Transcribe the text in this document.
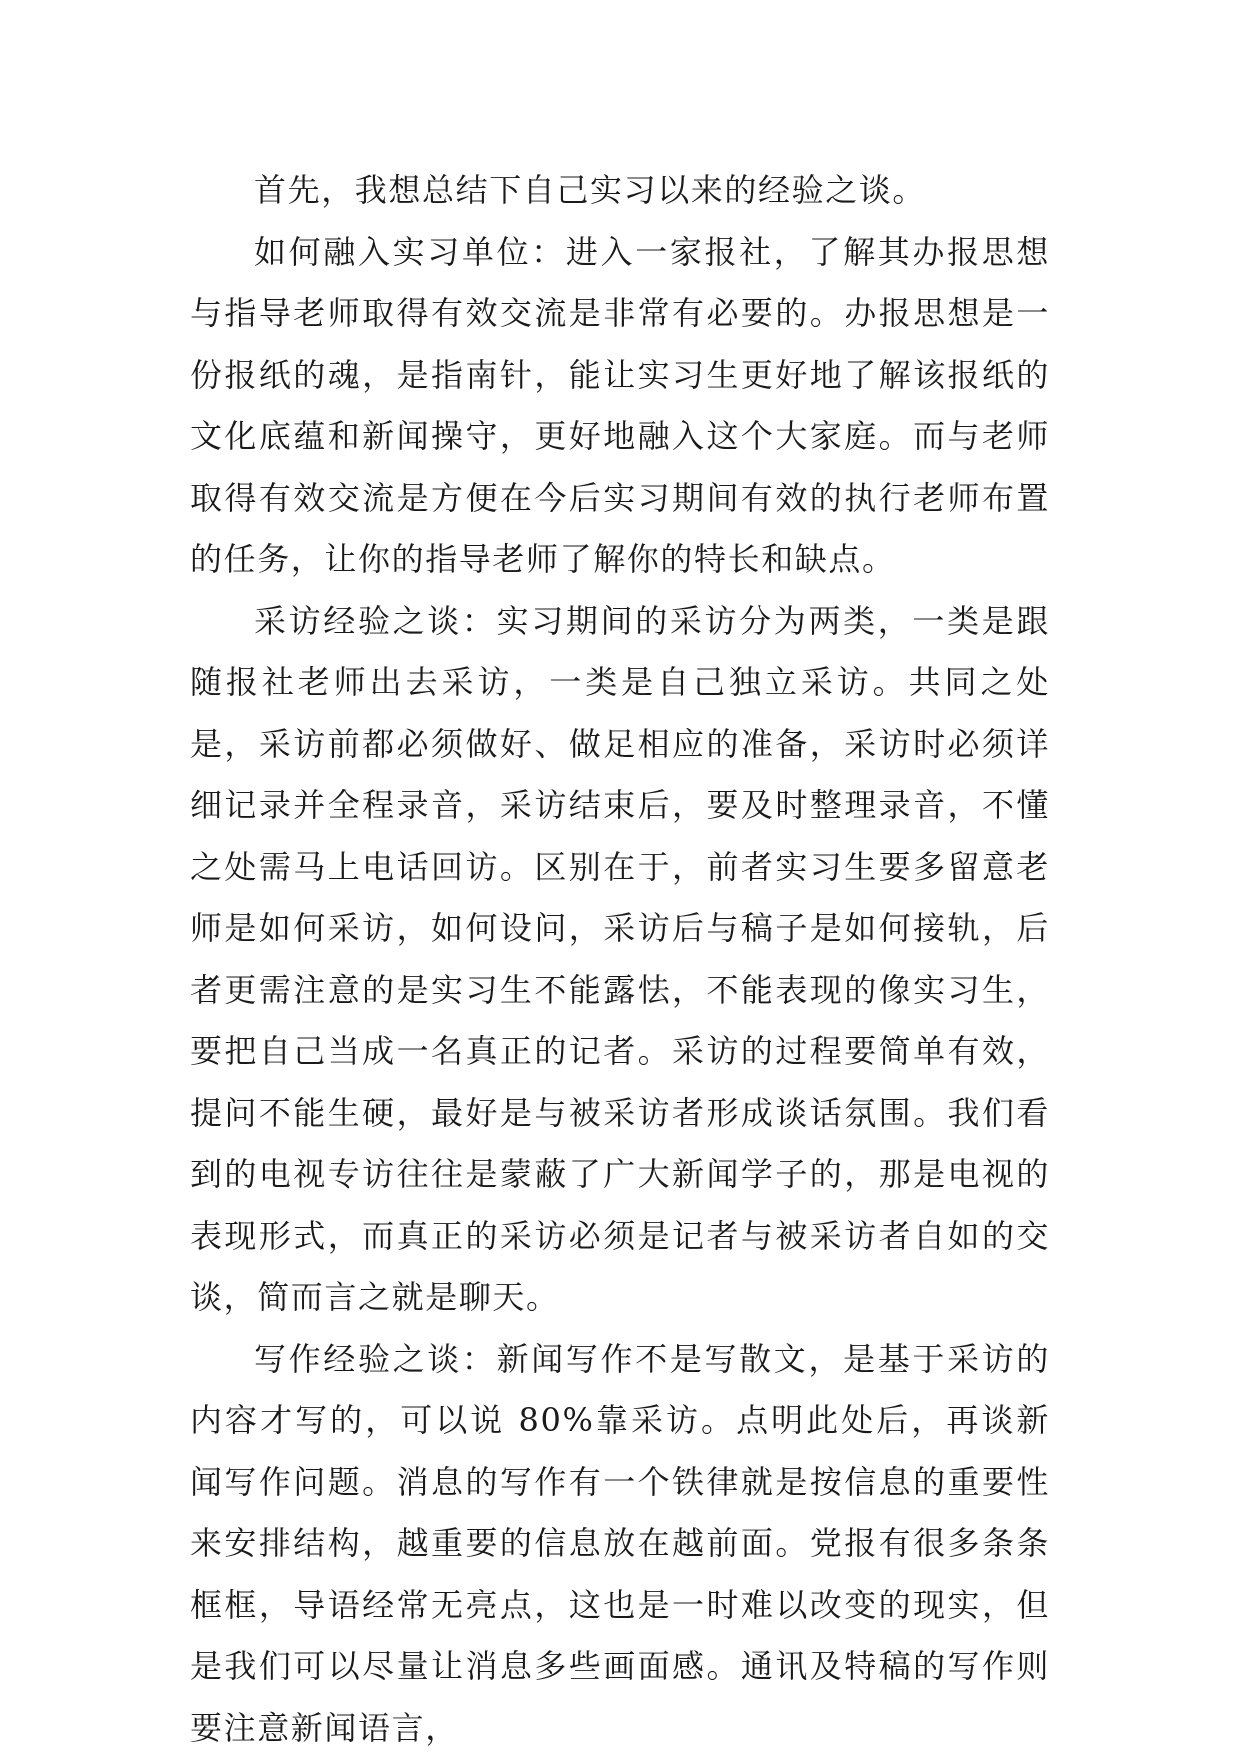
首先，我想总结下自己实习以来的经验之谈。

如何融入实习单位：进入一家报社，了解其办报思想与指导老师取得有效交流是非常有必要的。办报思想是一份报纸的魂，是指南针，能让实习生更好地了解该报纸的文化底蕴和新闻操守，更好地融入这个大家庭。而与老师取得有效交流是方便在今后实习期间有效的执行老师布置的任务，让你的指导老师了解你的特长和缺点。

采访经验之谈：实习期间的采访分为两类，一类是跟随报社老师出去采访，一类是自己独立采访。共同之处是，采访前都必须做好、做足相应的准备，采访时必须详细记录并全程录音，采访结束后，要及时整理录音，不懂之处需马上电话回访。区别在于，前者实习生要多留意老师是如何采访，如何设问，采访后与稿子是如何接轨，后者更需注意的是实习生不能露怯，不能表现的像实习生，要把自己当成一名真正的记者。采访的过程要简单有效，提问不能生硬，最好是与被采访者形成谈话氛围。我们看到的电视专访往往是蒙蔽了广大新闻学子的，那是电视的表现形式，而真正的采访必须是记者与被采访者自如的交谈，简而言之就是聊天。

写作经验之谈：新闻写作不是写散文，是基于采访的内容才写的，可以说 80%靠采访。点明此处后，再谈新闻写作问题。消息的写作有一个铁律就是按信息的重要性来安排结构，越重要的信息放在越前面。党报有很多条条框框，导语经常无亮点，这也是一时难以改变的现实，但是我们可以尽量让消息多些画面感。通讯及特稿的写作则要注意新闻语言，
